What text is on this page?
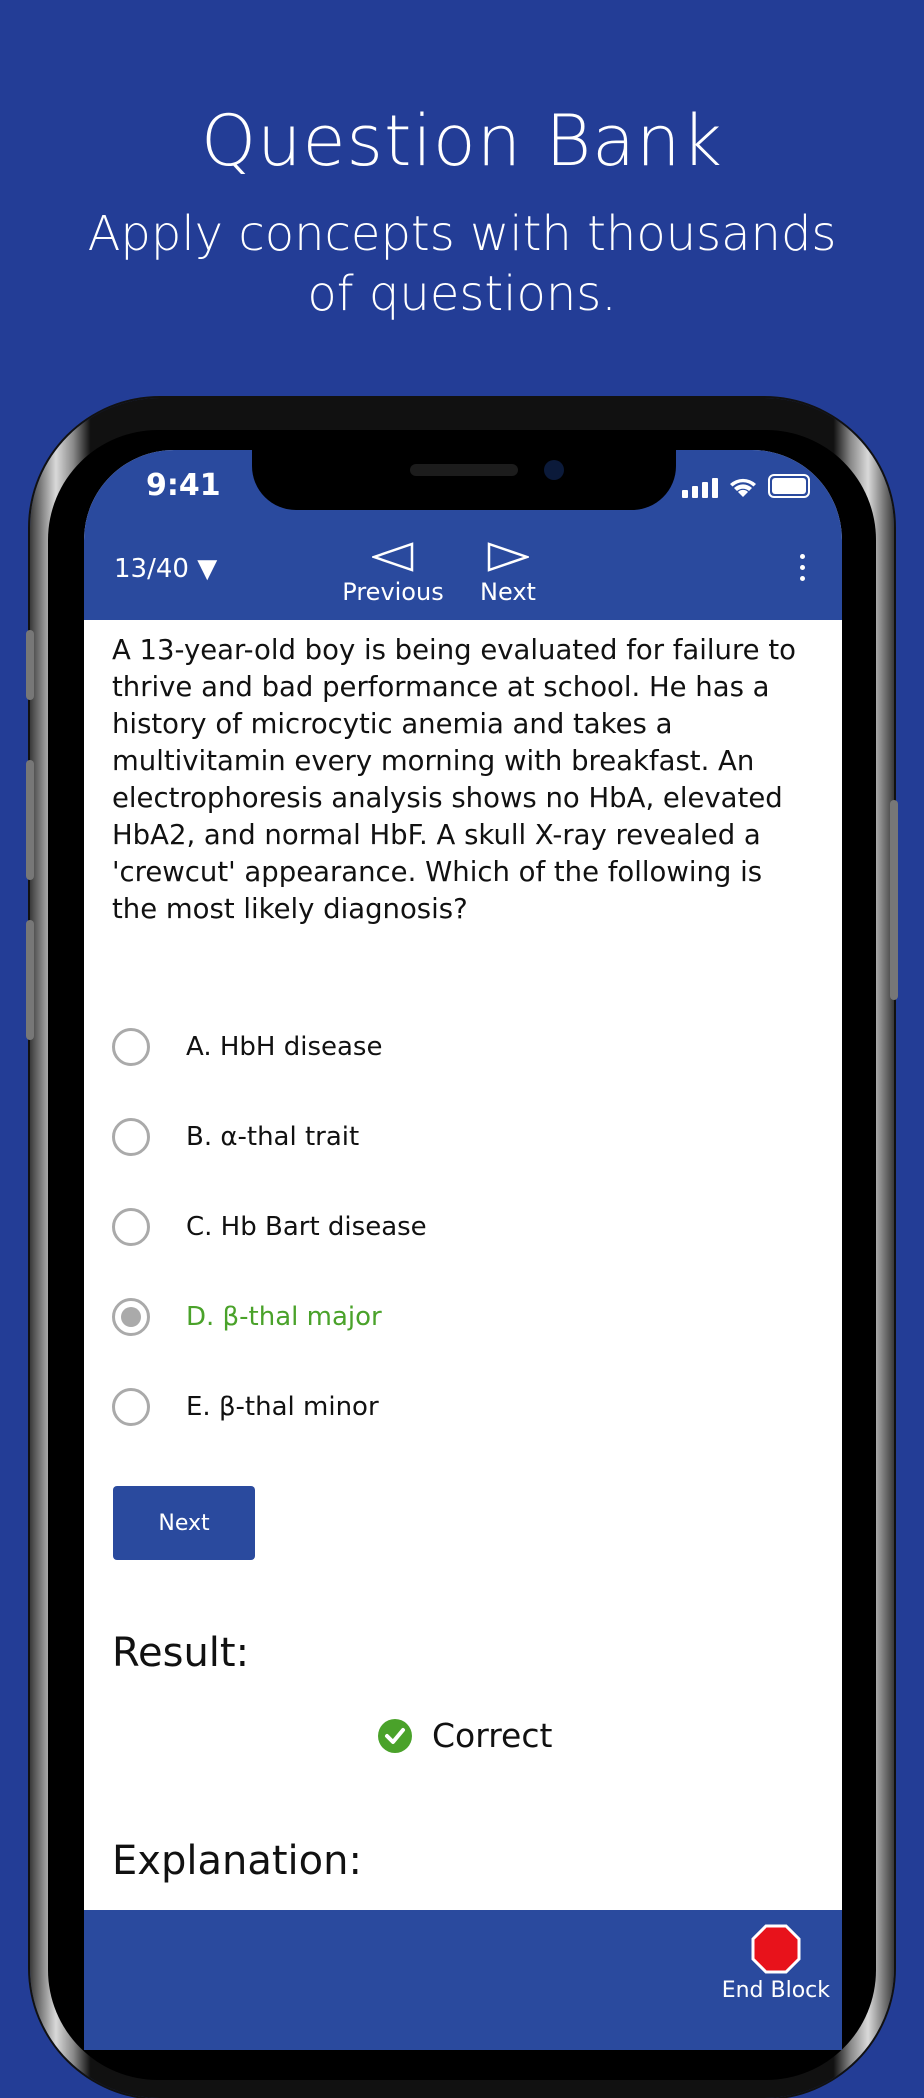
Question Bank
Apply concepts with thousands of questions.
9:41
13/40 ▼
Previous	Next
A 13-year-old boy is being evaluated for failure to thrive and bad performance at school. He has a history of microcytic anemia and takes a multivitamin every morning with breakfast. An electrophoresis analysis shows no HbA, elevated HbA2, and normal HbF. A skull X-ray revealed a 'crewcut' appearance. Which of the following is the most likely diagnosis?
A. HbH disease
B. α-thal trait
C. Hb Bart disease
D. β-thal major
E. β-thal minor
Next
Result:
Correct
Explanation:
End Block
